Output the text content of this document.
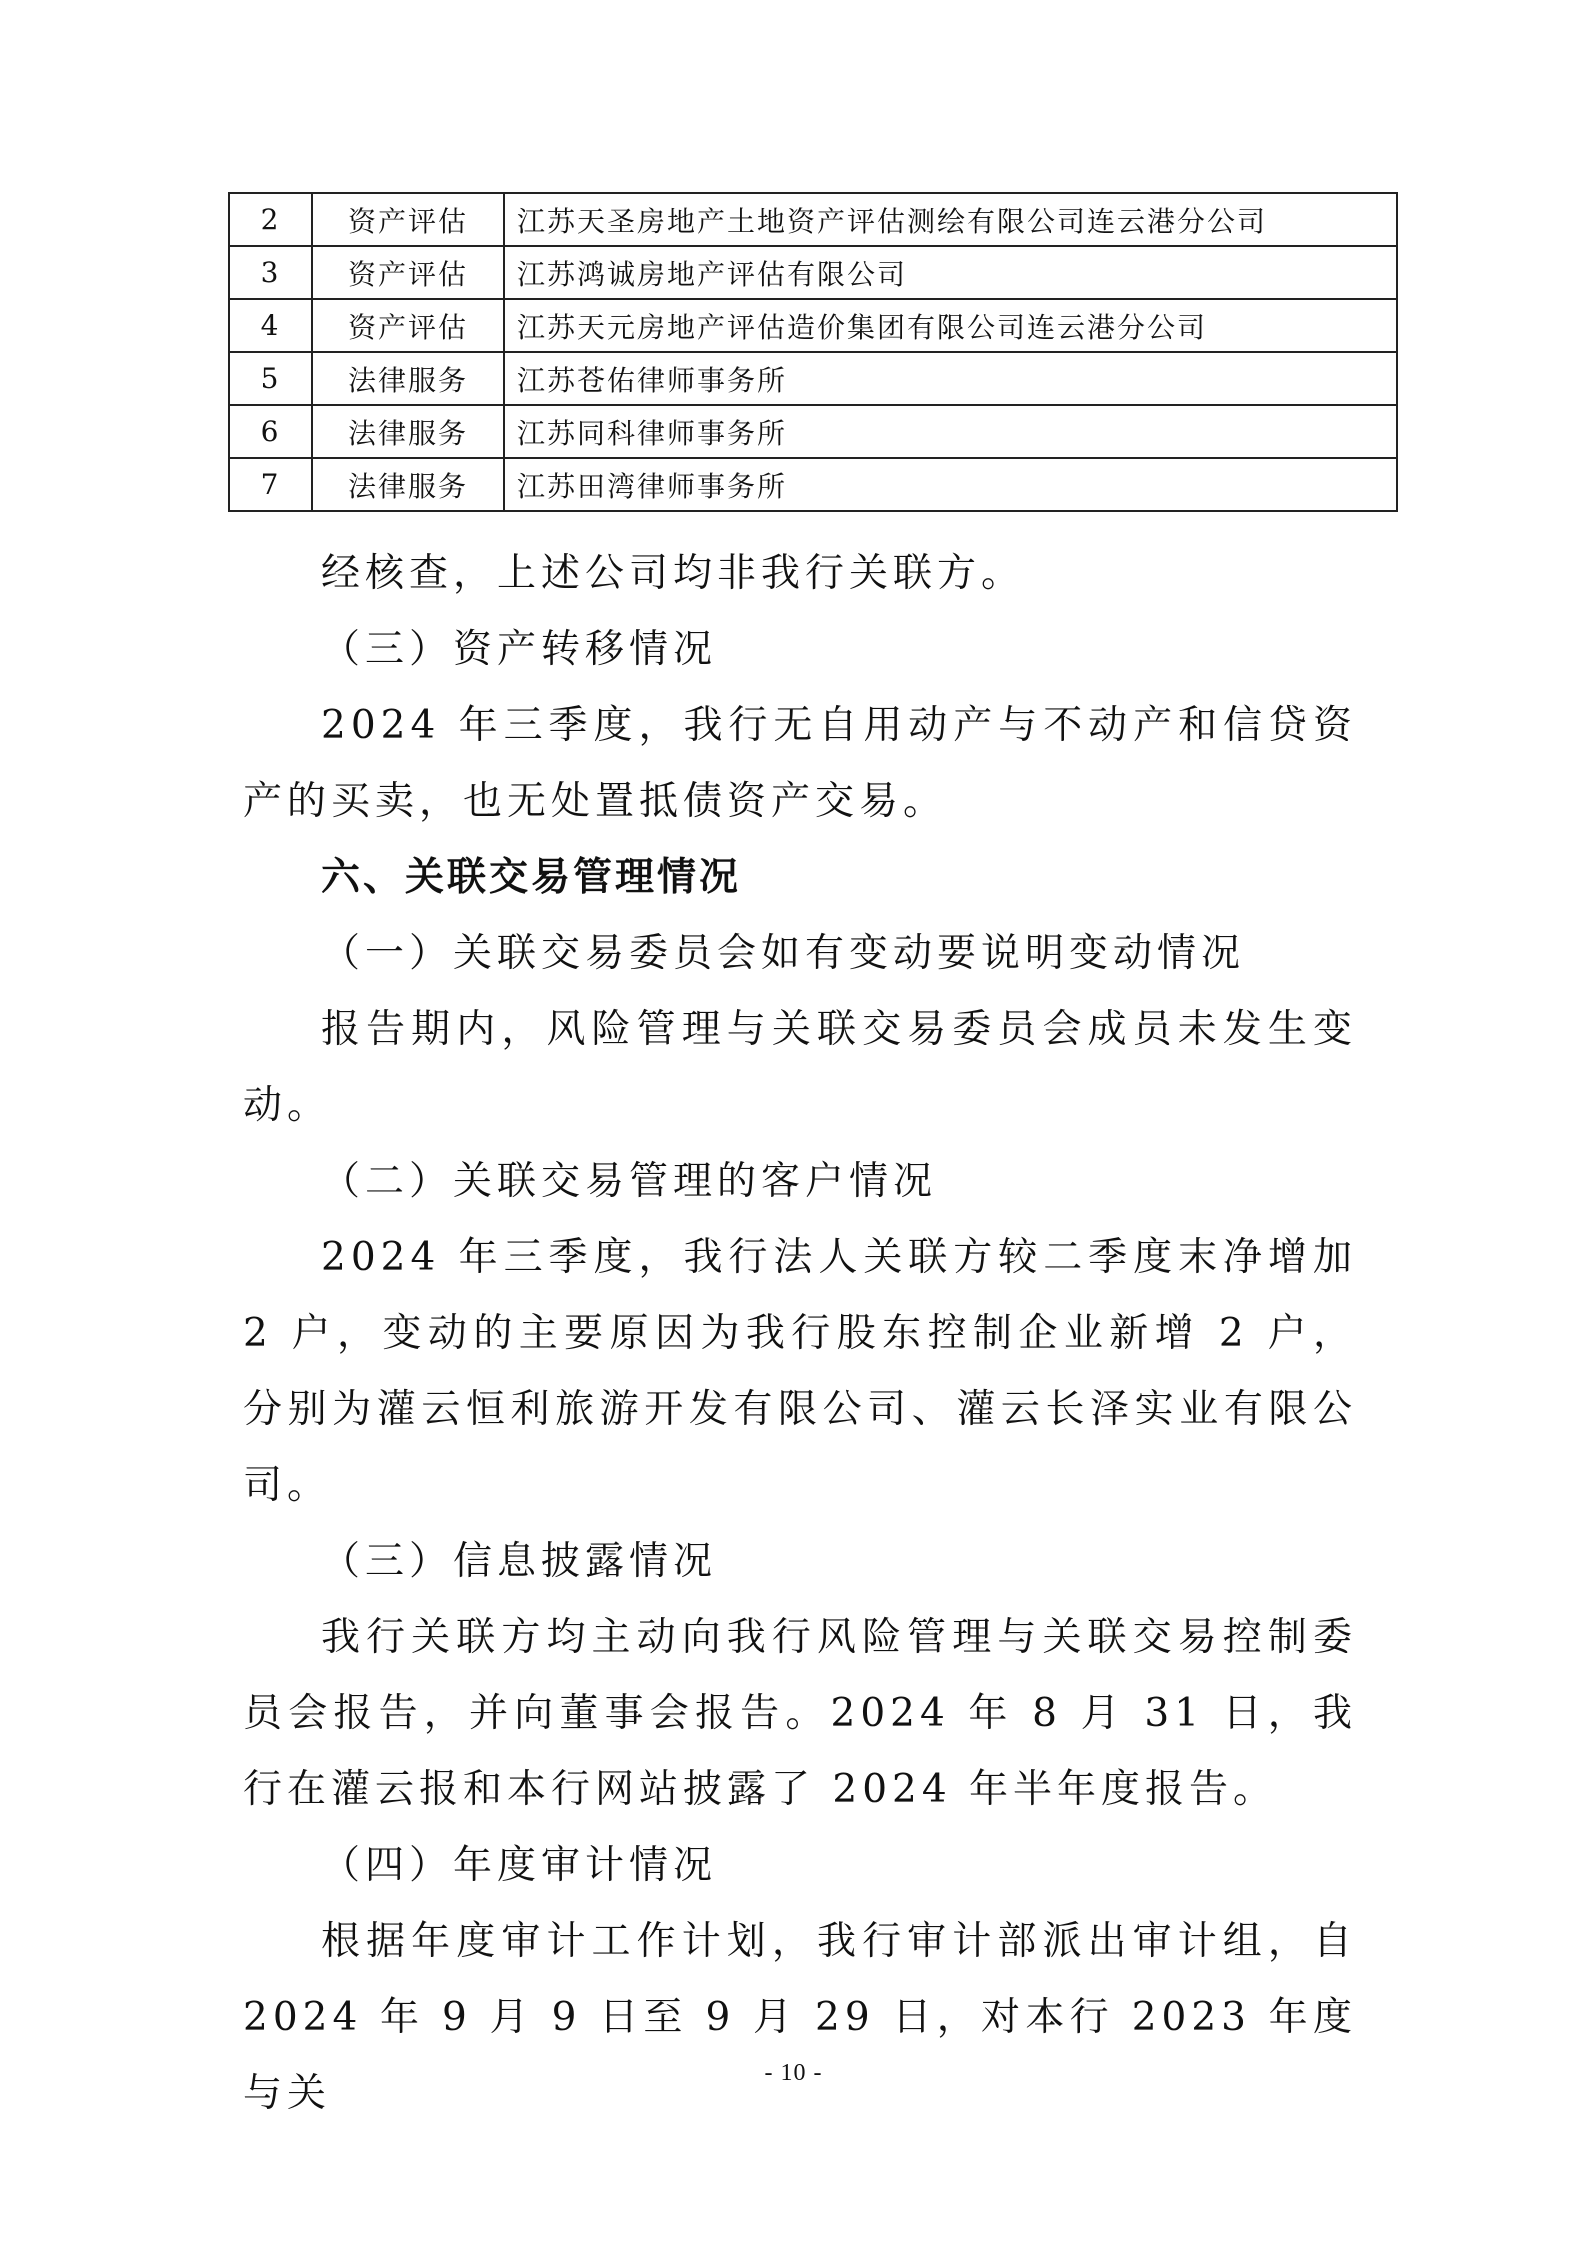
2	资产评估	江苏天圣房地产土地资产评估测绘有限公司连云港分公司
3	资产评估	江苏鸿诚房地产评估有限公司
4	资产评估	江苏天元房地产评估造价集团有限公司连云港分公司
5	法律服务	江苏苍佑律师事务所
6	法律服务	江苏同科律师事务所
7	法律服务	江苏田湾律师事务所

经核查，上述公司均非我行关联方。

（三）资产转移情况

2024 年三季度，我行无自用动产与不动产和信贷资产的买卖，也无处置抵债资产交易。

六、关联交易管理情况

（一）关联交易委员会如有变动要说明变动情况

报告期内，风险管理与关联交易委员会成员未发生变动。

（二）关联交易管理的客户情况

2024 年三季度，我行法人关联方较二季度末净增加 2 户，变动的主要原因为我行股东控制企业新增 2 户，分别为灌云恒利旅游开发有限公司、灌云长泽实业有限公司。

（三）信息披露情况

我行关联方均主动向我行风险管理与关联交易控制委员会报告，并向董事会报告。2024 年 8 月 31 日，我行在灌云报和本行网站披露了 2024 年半年度报告。

（四）年度审计情况

根据年度审计工作计划，我行审计部派出审计组，自 2024 年 9 月 9 日至 9 月 29 日，对本行 2023 年度与关	- 10 -
